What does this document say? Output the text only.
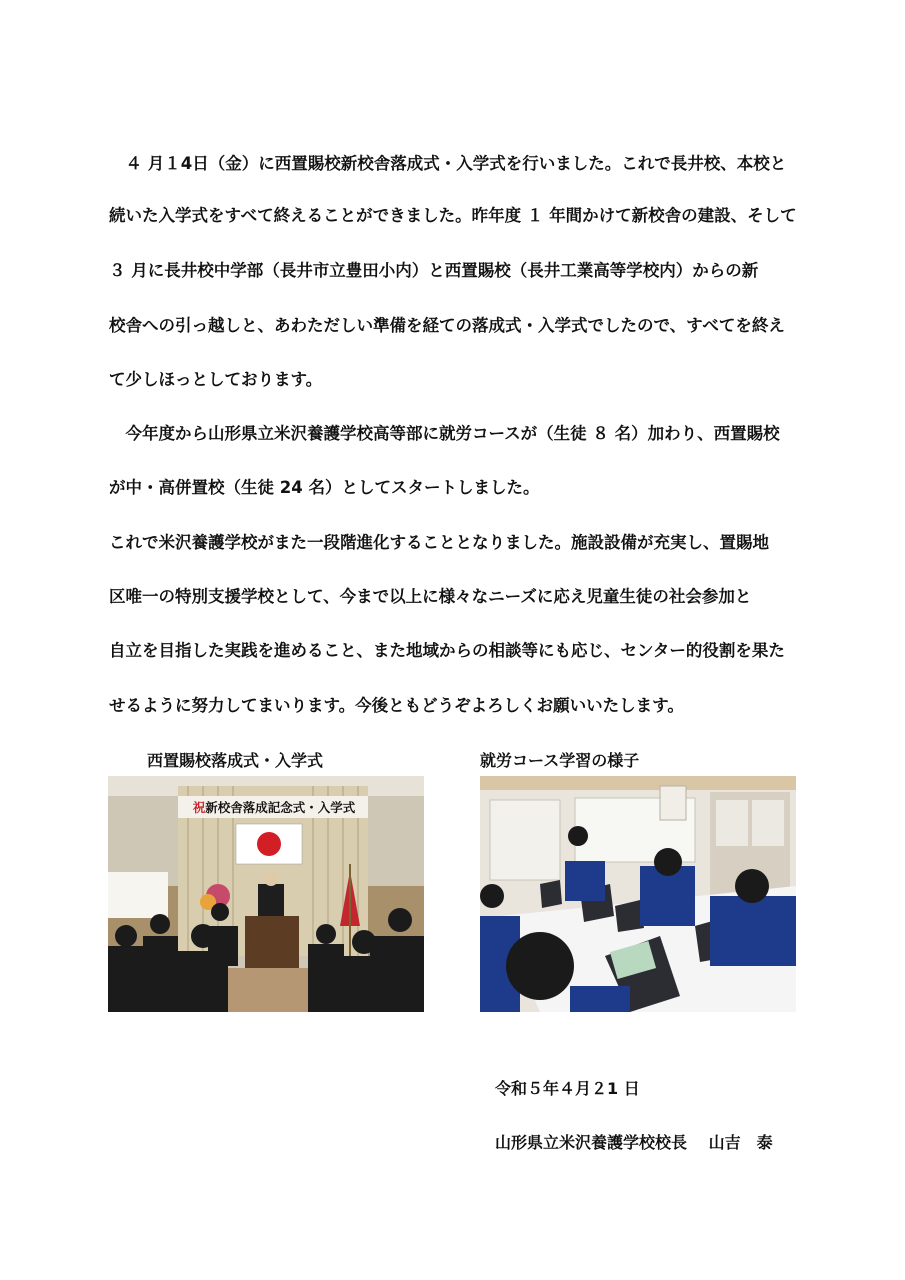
　４ 月１4日（金）に西置賜校新校舎落成式・入学式を行いました。これで長井校、本校と
続いた入学式をすべて終えることができました。昨年度 １ 年間かけて新校舎の建設、そして
３ 月に長井校中学部（長井市立豊田小内）と西置賜校（長井工業高等学校内）からの新
校舎への引っ越しと、あわただしい準備を経ての落成式・入学式でしたので、すべてを終え
て少しほっとしております。
　今年度から山形県立米沢養護学校高等部に就労コースが（生徒 ８ 名）加わり、西置賜校
が中・高併置校（生徒 24 名）としてスタートしました。
これで米沢養護学校がまた一段階進化することとなりました。施設設備が充実し、置賜地
区唯一の特別支援学校として、今まで以上に様々なニーズに応え児童生徒の社会参加と
自立を目指した実践を進めること、また地域からの相談等にも応じ、センター的役割を果た
せるように努力してまいります。今後ともどうぞよろしくお願いいたします。
西置賜校落成式・入学式	就労コース学習の様子
祝新校舎落成記念式・入学式
令和５年４月２1 日
山形県立米沢養護学校校長　 山吉　泰
